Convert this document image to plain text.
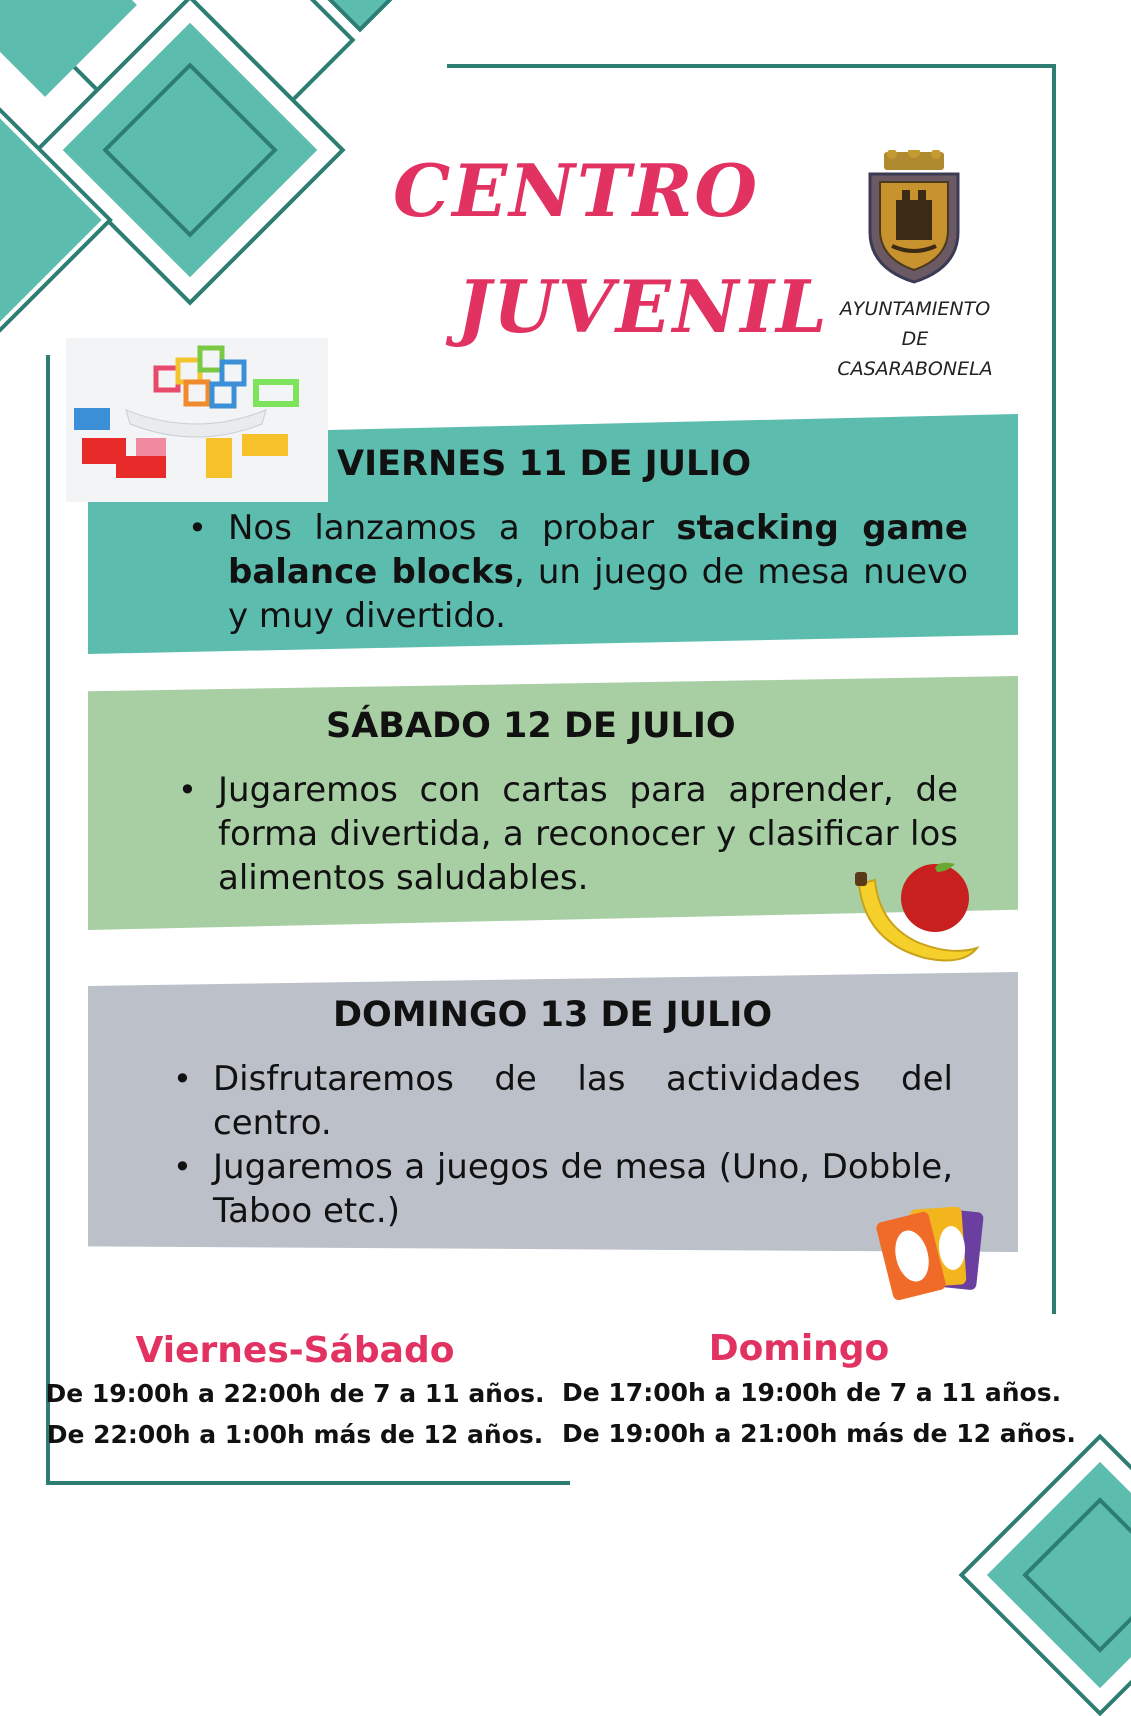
CENTRO
JUVENIL AYUNTAMIENTO
DE CASARABONELA
VIERNES 11 DE JULIO
• Nos lanzamos a probar stacking game balance blocks, un juego de mesa nuevo y muy divertido.
SÁBADO 12 DE JULIO
• Jugaremos con cartas para aprender, de forma divertida, a reconocer y clasificar los alimentos saludables.
DOMINGO 13 DE JULIO
• Disfrutaremos de las actividades del centro.
• Jugaremos a juegos de mesa (Uno, Dobble, Taboo etc.)
Viernes-Sábado

De 19:00h a 22:00h de 7 a 11 años.

De 22:00h a 1:00h más de 12 años.

Domingo

De 17:00h a 19:00h de 7 a 11 años.

De 19:00h a 21:00h más de 12 años.
